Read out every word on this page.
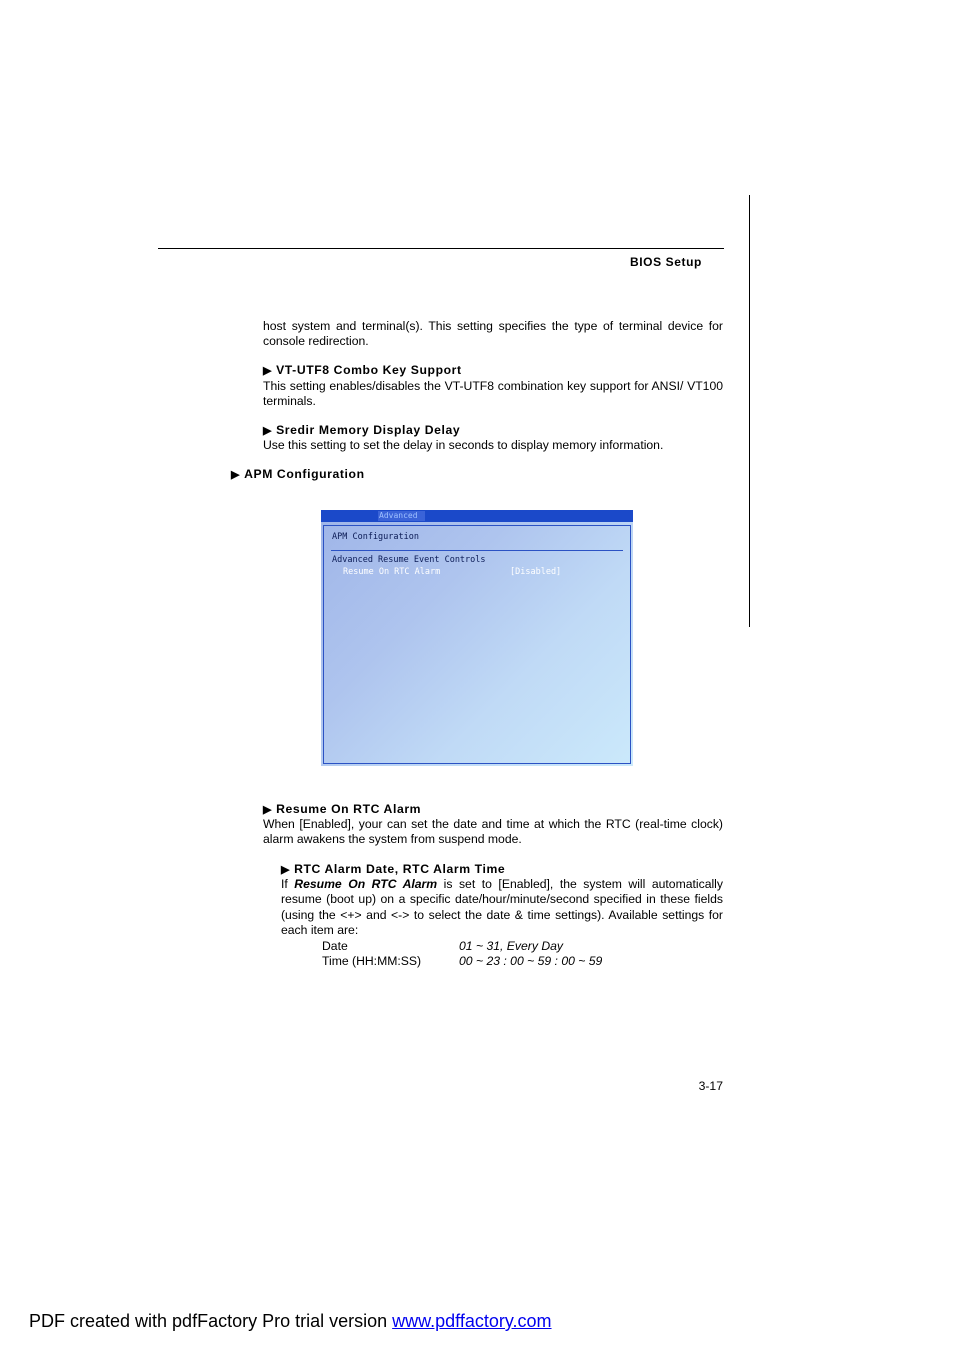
BIOS Setup
host system and terminal(s). This setting specifies the type of terminal device for console redirection.
▶ VT-UTF8 Combo Key Support
This setting enables/disables the VT-UTF8 combination key support for ANSI/ VT100 terminals.
▶ Sredir Memory Display Delay
Use this setting to set the delay in seconds to display memory information.
▶ APM Configuration
Advanced
APM Configuration
Advanced Resume Event Controls
Resume On RTC Alarm	[Disabled]
▶ Resume On RTC Alarm
When [Enabled], your can set the date and time at which the RTC (real-time clock) alarm awakens the system from suspend mode.
▶ RTC Alarm Date, RTC Alarm Time
If Resume On RTC Alarm is set to [Enabled], the system will automatically resume (boot up) on a specific date/hour/minute/second specified in these fields (using the <+> and <-> to select the date & time settings). Available settings for each item are:
Date	01 ~ 31, Every Day
Time (HH:MM:SS)	00 ~ 23 : 00 ~ 59 : 00 ~ 59
3-17
PDF created with pdfFactory Pro trial version www.pdffactory.com
